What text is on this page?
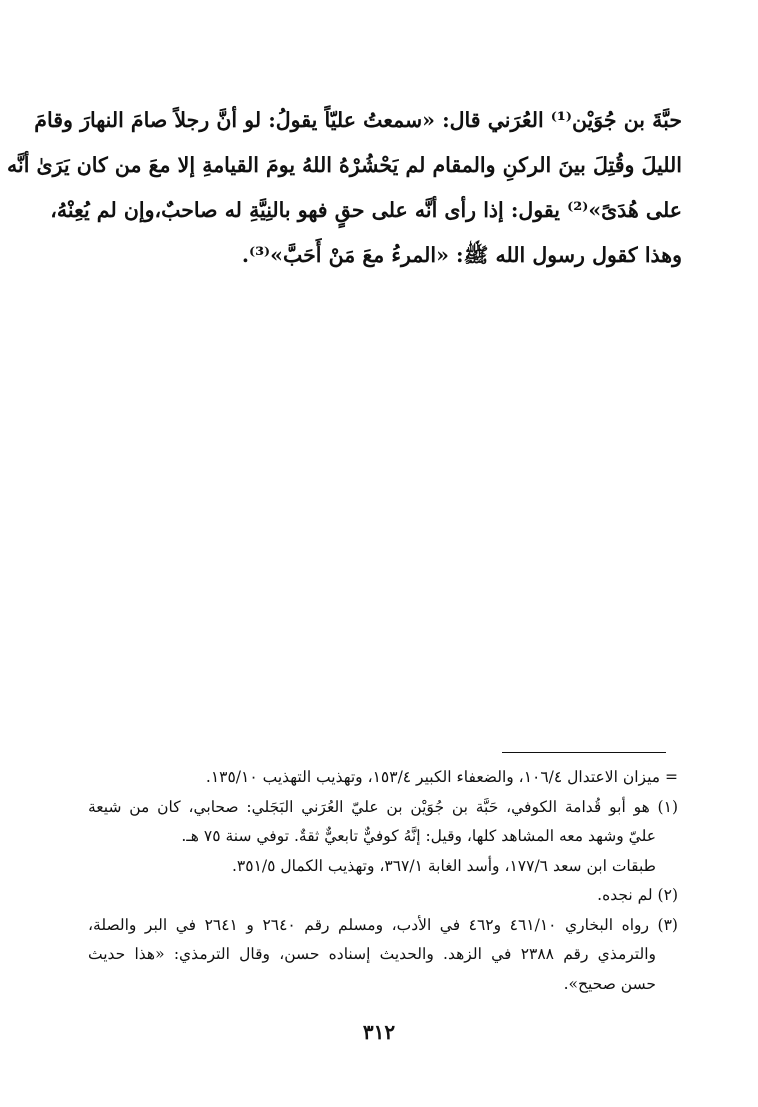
حبَّةَ بن جُوَيْن⁽¹⁾ العُرَني قال: «سمعتُ عليّاً يقولُ: لو أنَّ رجلاً صامَ النهارَ وقامَ
الليلَ وقُتِلَ بينَ الركنِ والمقام لم يَحْشُرْهُ اللهُ يومَ القيامةِ إلا معَ من كان يَرَىٰ أنَّه
على هُدَىً»⁽²⁾ يقول: إذا رأى أنَّه على حقٍ فهو بالنِيَّةِ له صاحبٌ،وإن لم يُعِنْهُ،
وهذا كقول رسول الله ﷺ: «المرءُ معَ مَنْ أَحَبَّ»⁽³⁾.
= ميزان الاعتدال ١٠٦/٤، والضعفاء الكبير ١٥٣/٤، وتهذيب التهذيب ١٣٥/١٠.
(١) هو أبو قُدامة الكوفي، حَبَّة بن جُوَيْن بن عليّ العُرَني البَجَلي: صحابي، كان من شيعة
عليّ وشهد معه المشاهد كلها، وقيل: إنَّهُ كوفيٌّ تابعيٌّ ثقةٌ. توفي سنة ٧٥ هـ.
طبقات ابن سعد ١٧٧/٦، وأسد الغابة ٣٦٧/١، وتهذيب الكمال ٣٥١/٥.
(٢) لم نجده.
(٣) رواه البخاري ٤٦١/١٠ و٤٦٢ في الأدب، ومسلم رقم ٢٦٤٠ و ٢٦٤١ في البر والصلة،
والترمذي رقم ٢٣٨٨ في الزهد. والحديث إسناده حسن، وقال الترمذي: «هذا حديث
حسن صحيح».
٣١٢
